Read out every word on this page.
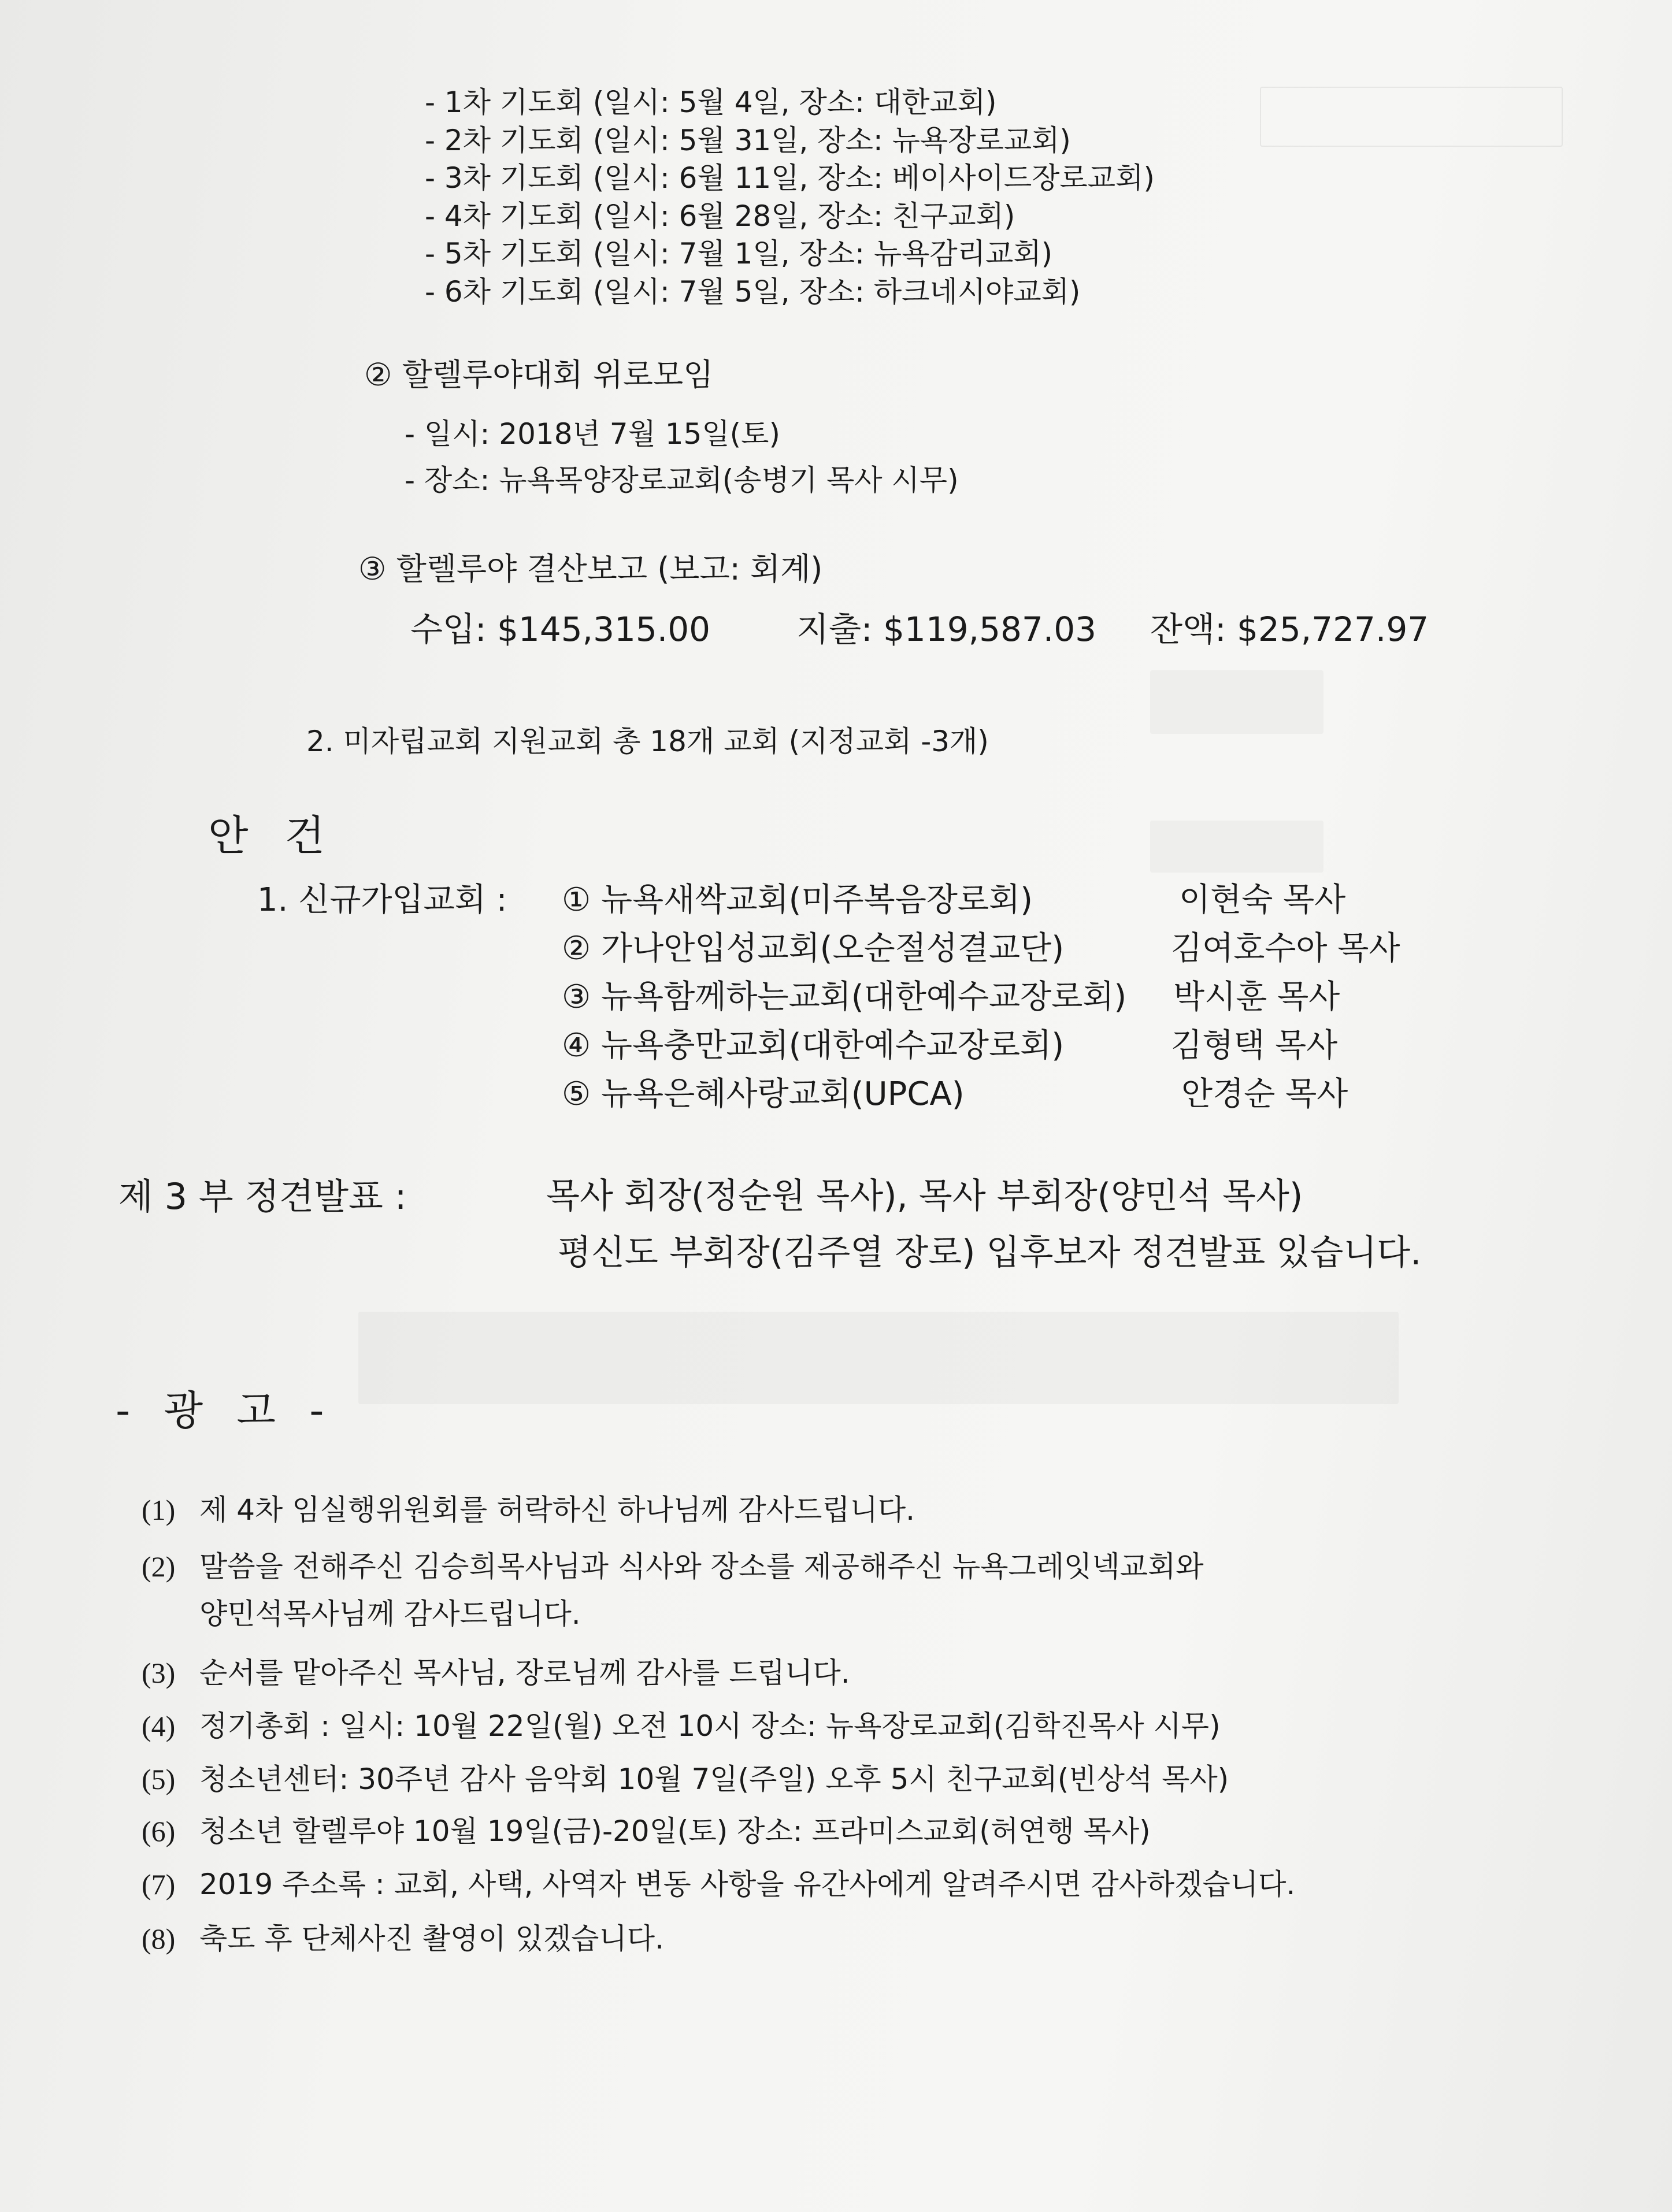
- 1차 기도회 (일시: 5월 4일, 장소: 대한교회)
- 2차 기도회 (일시: 5월 31일, 장소: 뉴욕장로교회)
- 3차 기도회 (일시: 6월 11일, 장소: 베이사이드장로교회)
- 4차 기도회 (일시: 6월 28일, 장소: 친구교회)
- 5차 기도회 (일시: 7월 1일, 장소: 뉴욕감리교회)
- 6차 기도회 (일시: 7월 5일, 장소: 하크네시야교회)
② 할렐루야대회 위로모임
- 일시: 2018년 7월 15일(토)
- 장소: 뉴욕목양장로교회(송병기 목사 시무)
③ 할렐루야 결산보고 (보고: 회계)
수입: $145,315.00	지출: $119,587.03 잔액: $25,727.97
2. 미자립교회 지원교회 총 18개 교회 (지정교회 -3개)
안 건
1. 신규가입교회 : ① 뉴욕새싹교회(미주복음장로회)	이현숙 목사
② 가나안입성교회(오순절성결교단)	김여호수아 목사
③ 뉴욕함께하는교회(대한예수교장로회) 박시훈 목사
④ 뉴욕충만교회(대한예수교장로회)	김형택 목사
⑤ 뉴욕은혜사랑교회(UPCA)	안경순 목사
제 3 부 정견발표 :	목사 회장(정순원 목사), 목사 부회장(양민석 목사)
평신도 부회장(김주열 장로) 입후보자 정견발표 있습니다.
- 광 고 -
(1) 제 4차 임실행위원회를 허락하신 하나님께 감사드립니다.
(2) 말씀을 전해주신 김승희목사님과 식사와 장소를 제공해주신 뉴욕그레잇넥교회와
양민석목사님께 감사드립니다.
(3) 순서를 맡아주신 목사님, 장로님께 감사를 드립니다.
(4) 정기총회 : 일시: 10월 22일(월) 오전 10시 장소: 뉴욕장로교회(김학진목사 시무)
(5) 청소년센터: 30주년 감사 음악회 10월 7일(주일) 오후 5시 친구교회(빈상석 목사)
(6) 청소년 할렐루야 10월 19일(금)-20일(토) 장소: 프라미스교회(허연행 목사)
(7) 2019 주소록 : 교회, 사택, 사역자 변동 사항을 유간사에게 알려주시면 감사하겠습니다.
(8) 축도 후 단체사진 촬영이 있겠습니다.
